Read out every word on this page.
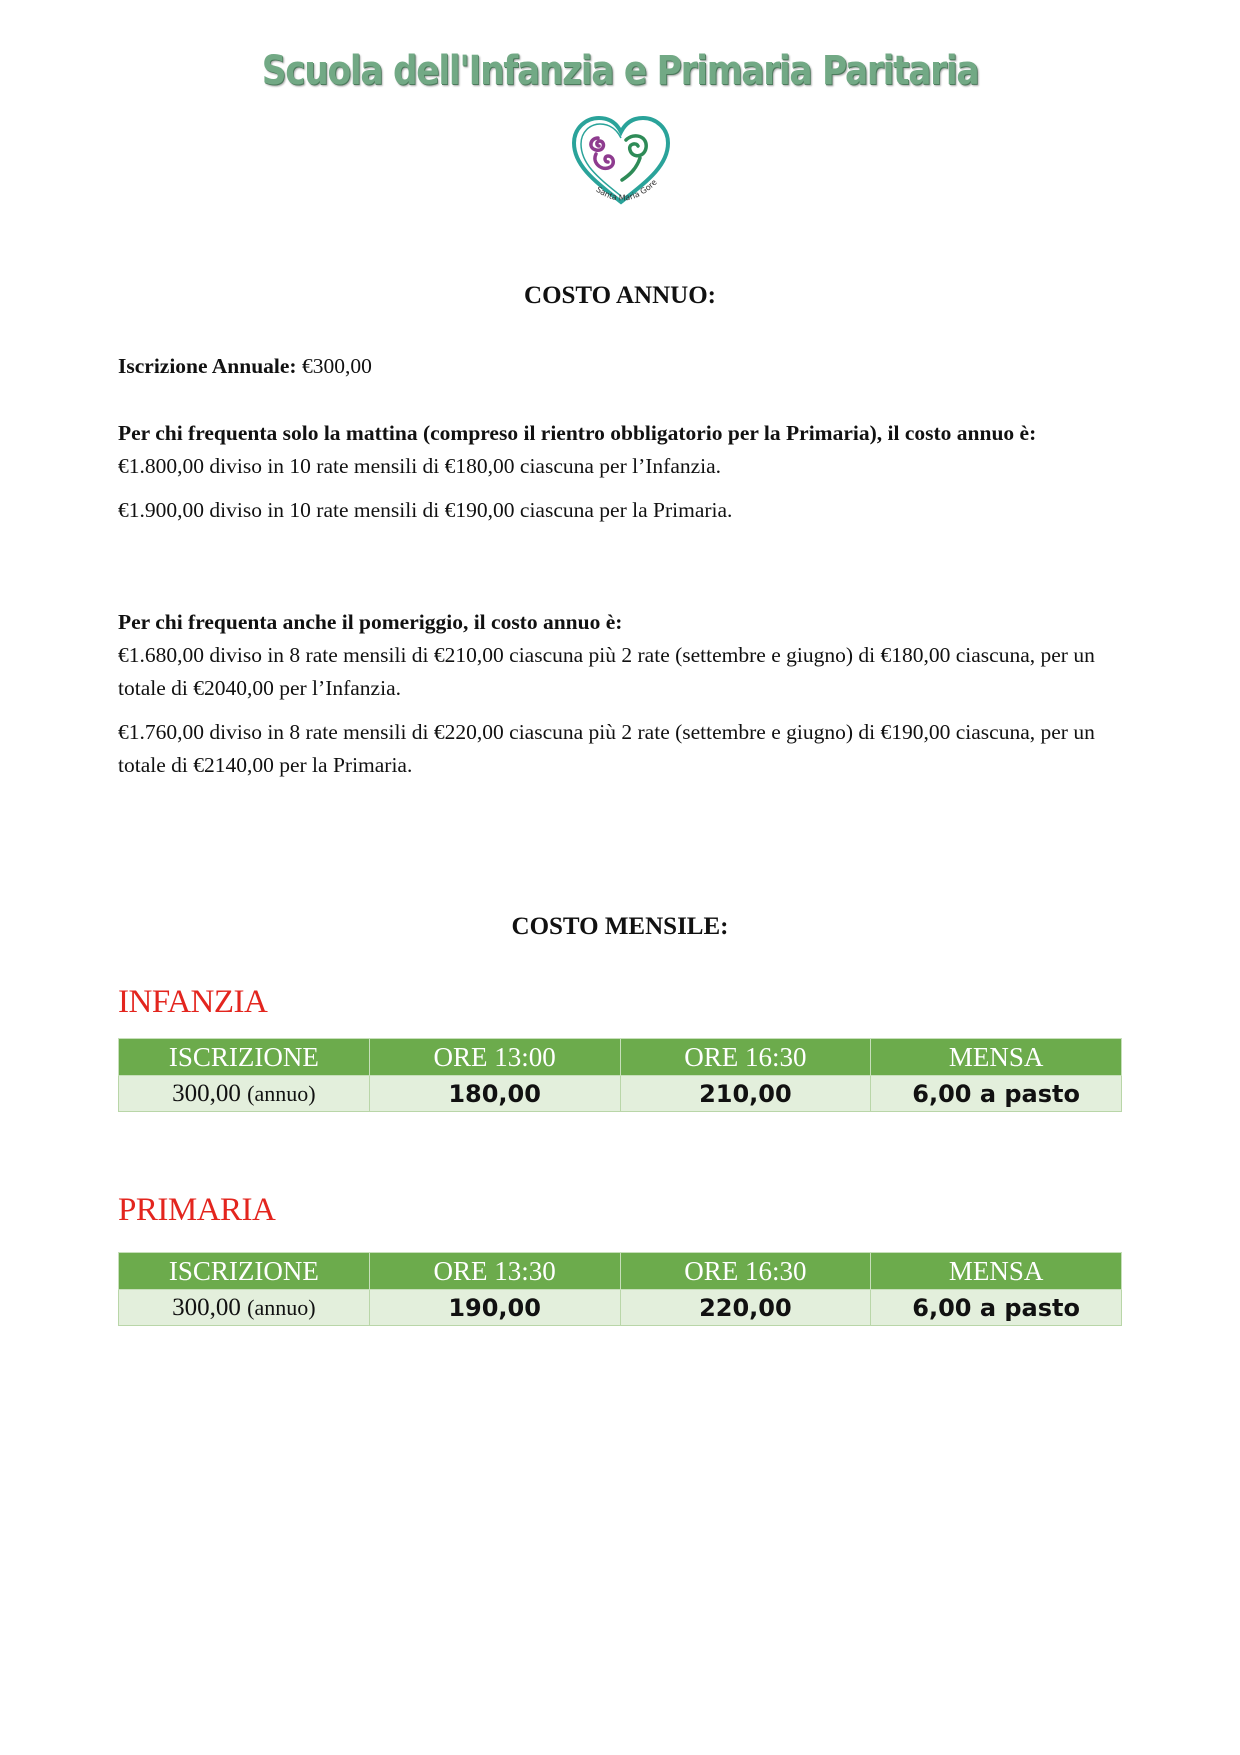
Scuola dell'Infanzia e Primaria Paritaria
Santa Maria Gore
COSTO ANNUO:
Iscrizione Annuale: €300,00

Per chi frequenta solo la mattina (compreso il rientro obbligatorio per la Primaria), il costo annuo è:

€1.800,00 diviso in 10 rate mensili di €180,00 ciascuna per l’Infanzia.

€1.900,00 diviso in 10 rate mensili di €190,00 ciascuna per la Primaria.

Per chi frequenta anche il pomeriggio, il costo annuo è:

€1.680,00 diviso in 8 rate mensili di €210,00 ciascuna più 2 rate (settembre e giugno) di €180,00 ciascuna, per un totale di €2040,00 per l’Infanzia.

€1.760,00 diviso in 8 rate mensili di €220,00 ciascuna più 2 rate (settembre e giugno) di €190,00 ciascuna, per un totale di €2140,00 per la Primaria.

COSTO MENSILE:
INFANZIA
ISCRIZIONE	ORE 13:00	ORE 16:30	MENSA
300,00 (annuo)	180,00	210,00	6,00 a pasto
PRIMARIA
ISCRIZIONE	ORE 13:30	ORE 16:30	MENSA
300,00 (annuo)	190,00	220,00	6,00 a pasto
